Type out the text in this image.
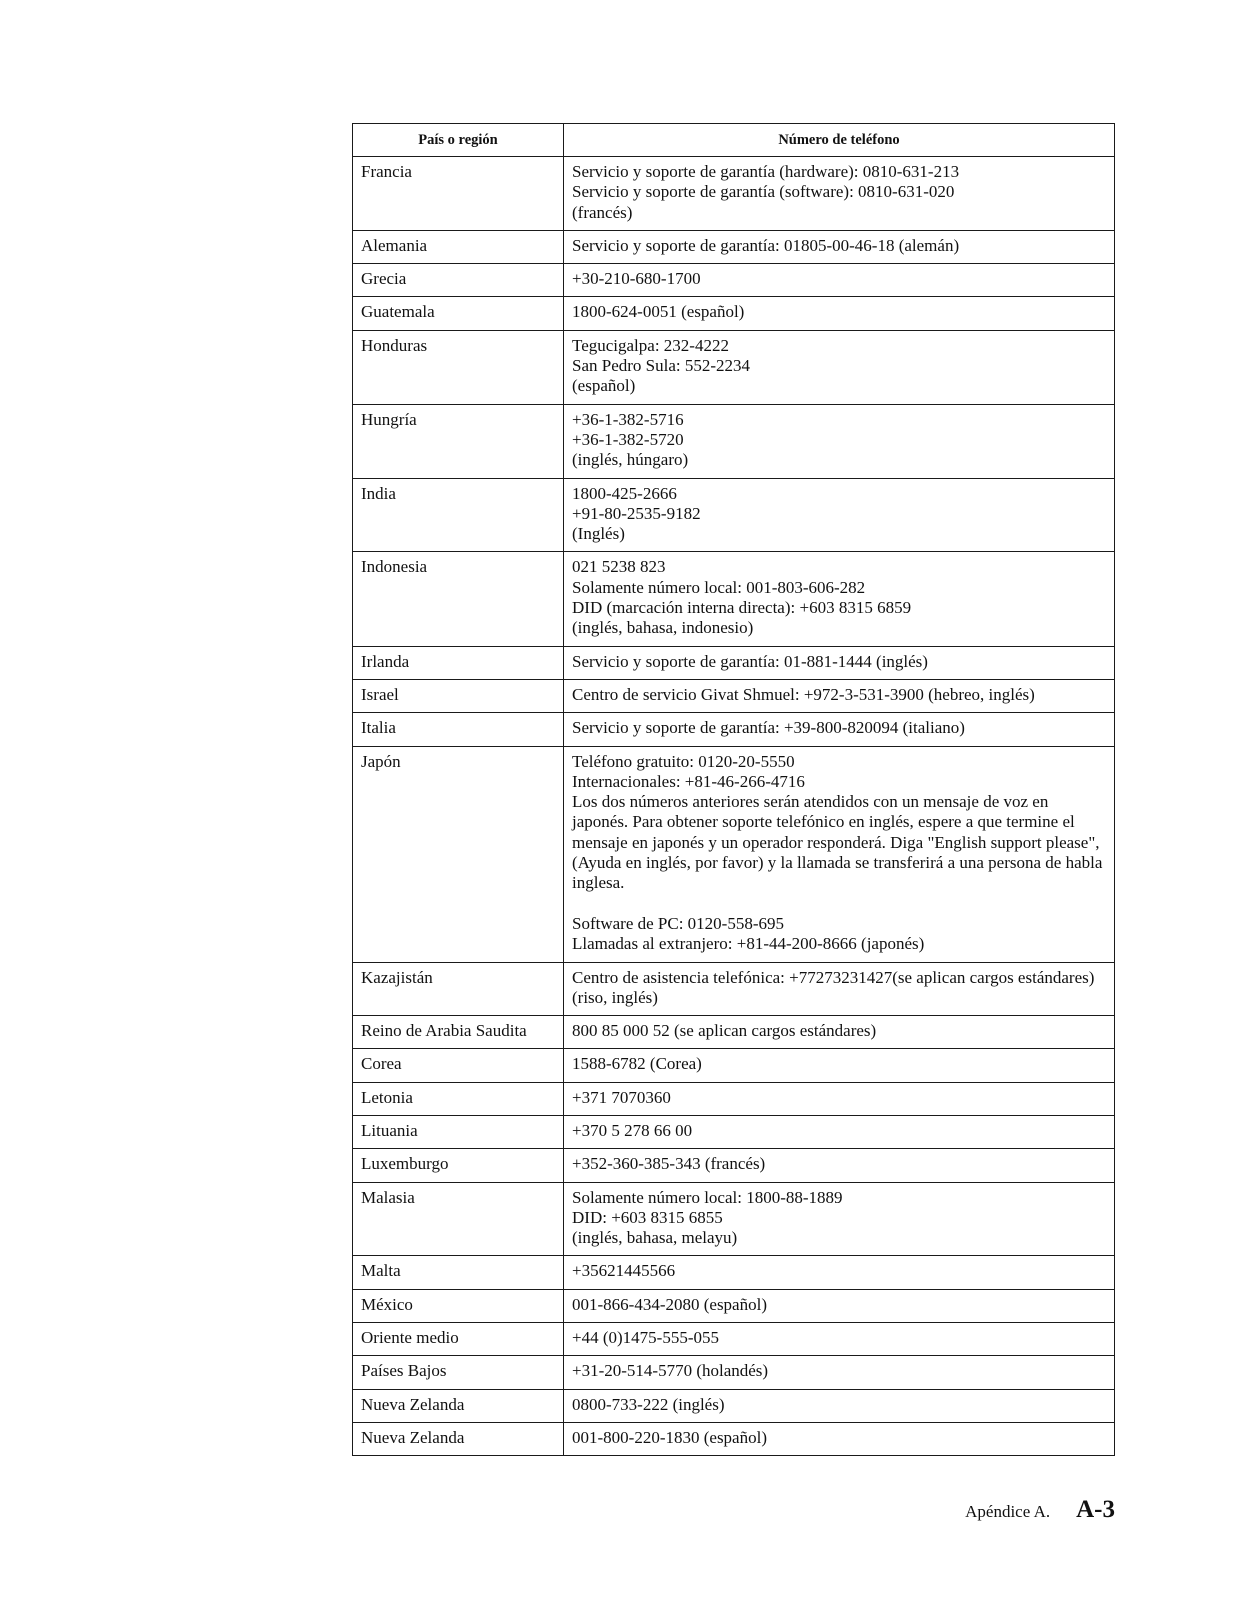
País o región	Número de teléfono
Francia	Servicio y soporte de garantía (hardware): 0810-631-213
Servicio y soporte de garantía (software): 0810-631-020
(francés)
Alemania	Servicio y soporte de garantía: 01805-00-46-18 (alemán)
Grecia	+30-210-680-1700
Guatemala	1800-624-0051 (español)
Honduras	Tegucigalpa: 232-4222
San Pedro Sula: 552-2234
(español)
Hungría	+36-1-382-5716
+36-1-382-5720
(inglés, húngaro)
India	1800-425-2666
+91-80-2535-9182
(Inglés)
Indonesia	021 5238 823
Solamente número local: 001-803-606-282
DID (marcación interna directa): +603 8315 6859
(inglés, bahasa, indonesio)
Irlanda	Servicio y soporte de garantía: 01-881-1444 (inglés)
Israel	Centro de servicio Givat Shmuel: +972-3-531-3900 (hebreo, inglés)
Italia	Servicio y soporte de garantía: +39-800-820094 (italiano)
Japón	Teléfono gratuito: 0120-20-5550
Internacionales: +81-46-266-4716
Los dos números anteriores serán atendidos con un mensaje de voz en japonés. Para obtener soporte telefónico en inglés, espere a que termine el mensaje en japonés y un operador responderá. Diga "English support please", (Ayuda en inglés, por favor) y la llamada se transferirá a una persona de habla inglesa.

Software de PC: 0120-558-695
Llamadas al extranjero: +81-44-200-8666 (japonés)
Kazajistán	Centro de asistencia telefónica: +77273231427(se aplican cargos estándares) (riso, inglés)
Reino de Arabia Saudita	800 85 000 52 (se aplican cargos estándares)
Corea	1588-6782 (Corea)
Letonia	+371 7070360
Lituania	+370 5 278 66 00
Luxemburgo	+352-360-385-343 (francés)
Malasia	Solamente número local: 1800-88-1889
DID: +603 8315 6855
(inglés, bahasa, melayu)
Malta	+35621445566
México	001-866-434-2080 (español)
Oriente medio	+44 (0)1475-555-055
Países Bajos	+31-20-514-5770 (holandés)
Nueva Zelanda	0800-733-222 (inglés)
Nueva Zelanda	001-800-220-1830 (español)
Apéndice A. A-3
